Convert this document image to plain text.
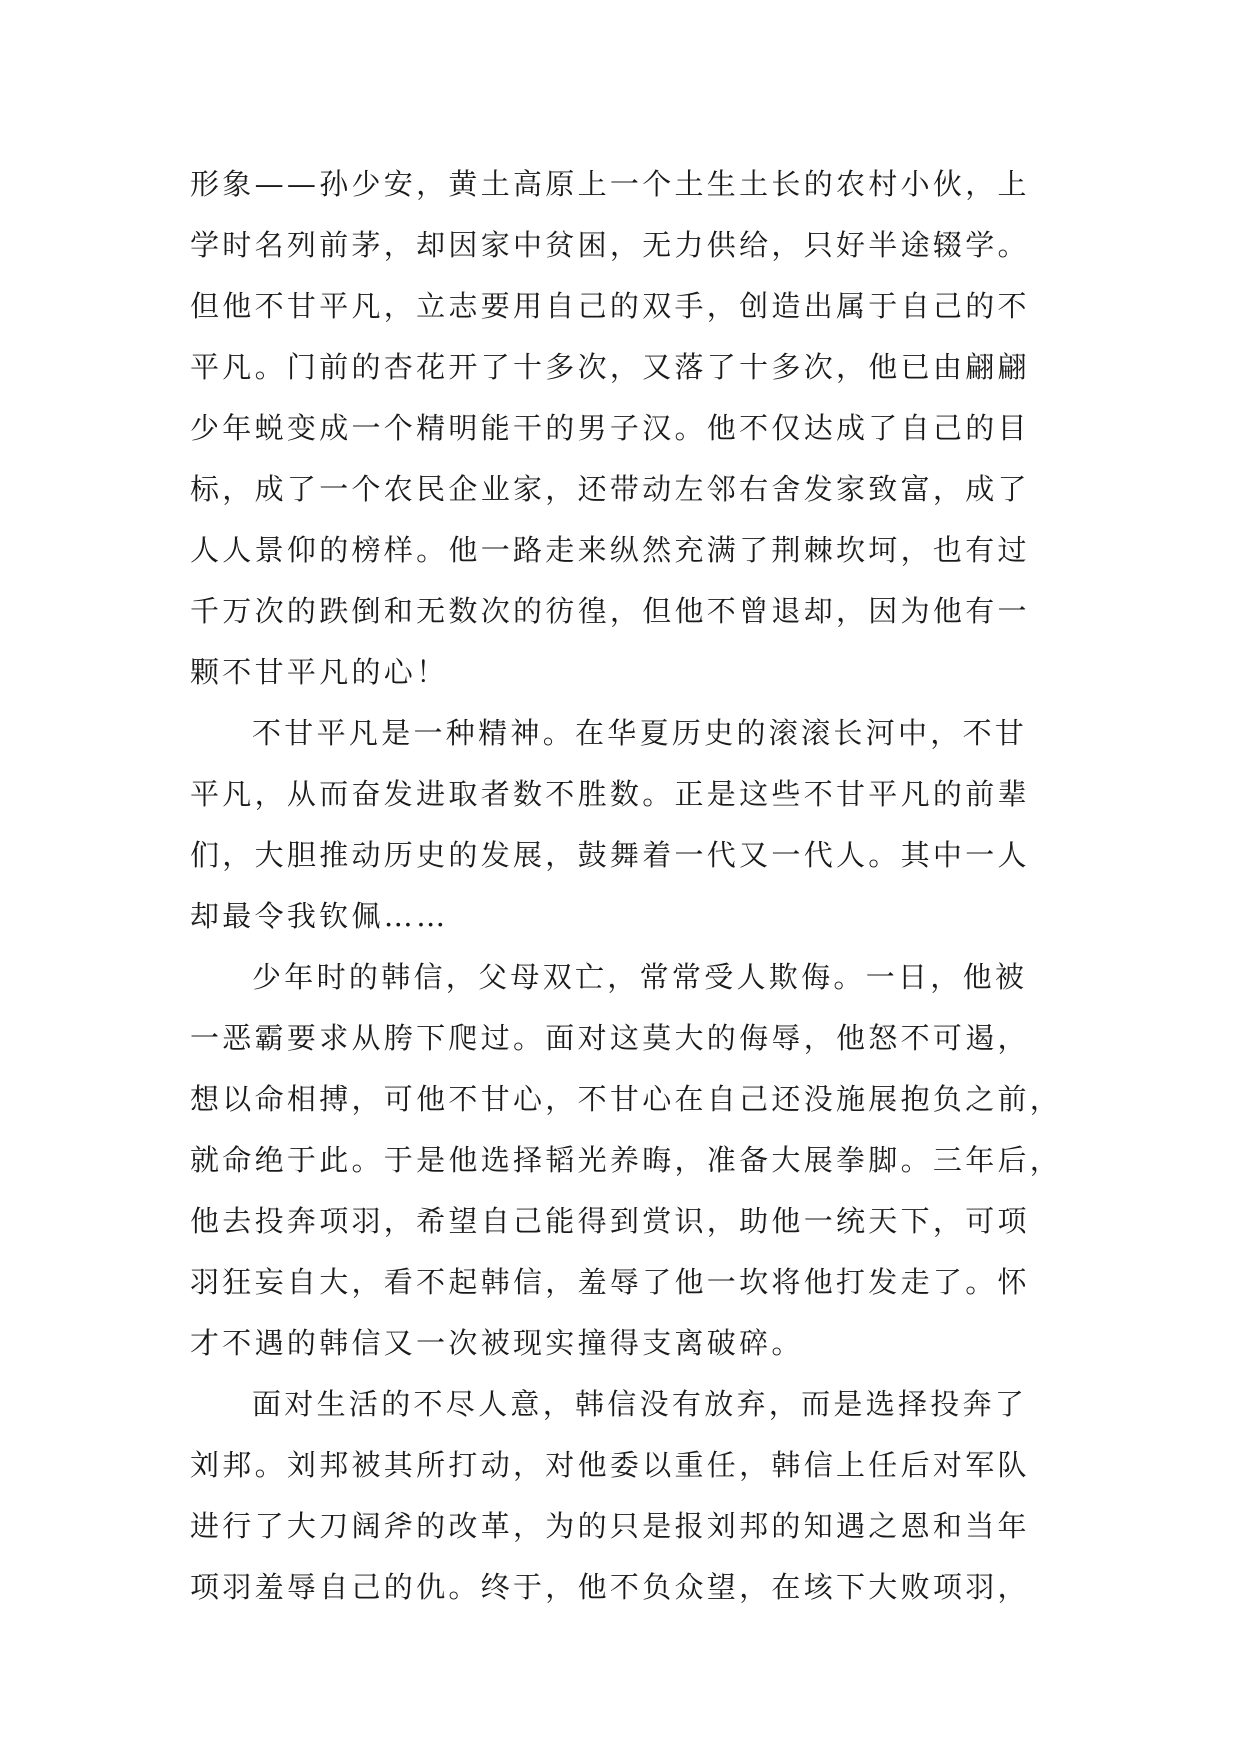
形象——孙少安，黄土高原上一个土生土长的农村小伙，上
学时名列前茅，却因家中贫困，无力供给，只好半途辍学。
但他不甘平凡，立志要用自己的双手，创造出属于自己的不
平凡。门前的杏花开了十多次，又落了十多次，他已由翩翩
少年蜕变成一个精明能干的男子汉。他不仅达成了自己的目
标，成了一个农民企业家，还带动左邻右舍发家致富，成了
人人景仰的榜样。他一路走来纵然充满了荆棘坎坷，也有过
千万次的跌倒和无数次的彷徨，但他不曾退却，因为他有一
颗不甘平凡的心！
不甘平凡是一种精神。在华夏历史的滚滚长河中，不甘
平凡，从而奋发进取者数不胜数。正是这些不甘平凡的前辈
们，大胆推动历史的发展，鼓舞着一代又一代人。其中一人
却最令我钦佩……
少年时的韩信，父母双亡，常常受人欺侮。一日，他被
一恶霸要求从胯下爬过。面对这莫大的侮辱，他怒不可遏，
想以命相搏，可他不甘心，不甘心在自己还没施展抱负之前，
就命绝于此。于是他选择韬光养晦，准备大展拳脚。三年后，
他去投奔项羽，希望自己能得到赏识，助他一统天下，可项
羽狂妄自大，看不起韩信，羞辱了他一坎将他打发走了。怀
才不遇的韩信又一次被现实撞得支离破碎。
面对生活的不尽人意，韩信没有放弃，而是选择投奔了
刘邦。刘邦被其所打动，对他委以重任，韩信上任后对军队
进行了大刀阔斧的改革，为的只是报刘邦的知遇之恩和当年
项羽羞辱自己的仇。终于，他不负众望，在垓下大败项羽，
